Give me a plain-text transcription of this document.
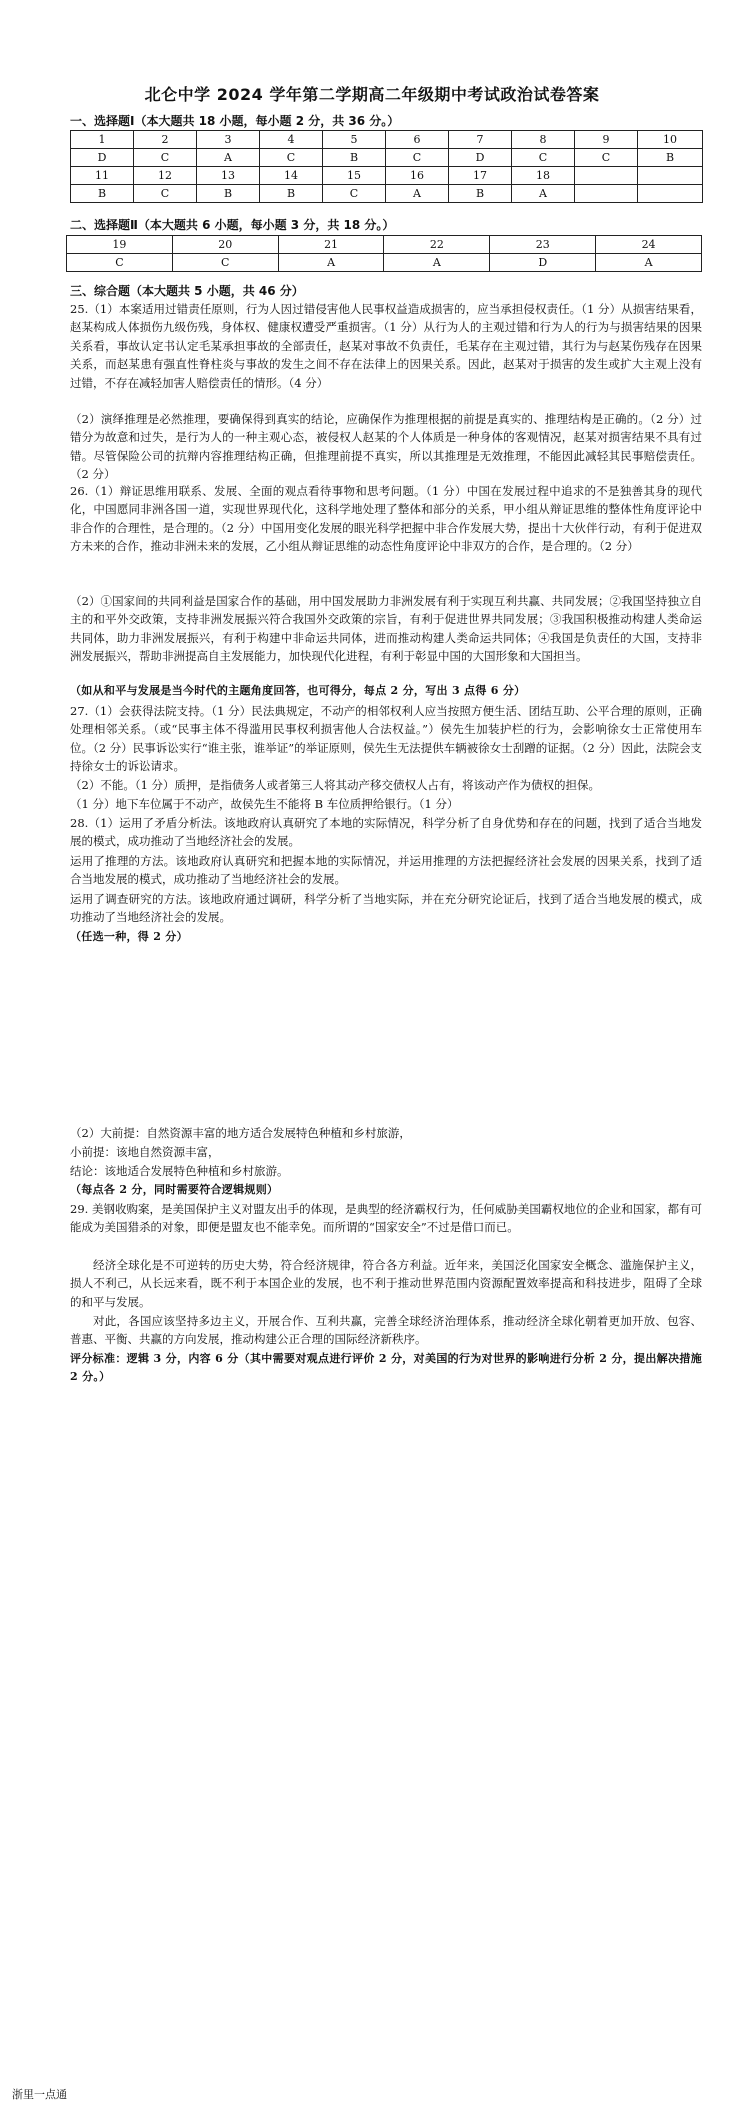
北仑中学 2024 学年第二学期高二年级期中考试政治试卷答案
一、选择题Ⅰ（本大题共 18 小题，每小题 2 分，共 36 分。）
1	2	3	4	5	6	7	8	9	10
D	C	A	C	B	C	D	C	C	B
11	12	13	14	15	16	17	18		
B	C	B	B	C	A	B	A		
二、选择题Ⅱ（本大题共 6 小题，每小题 3 分，共 18 分。）
19	20	21	22	23	24
C	C	A	A	D	A
三、综合题（本大题共 5 小题，共 46 分）

25.（1）本案适用过错责任原则，行为人因过错侵害他人民事权益造成损害的，应当承担侵权责任。（1 分）从损害结果看，赵某构成人体损伤九级伤残，身体权、健康权遭受严重损害。（1 分）从行为人的主观过错和行为人的行为与损害结果的因果关系看，事故认定书认定毛某承担事故的全部责任，赵某对事故不负责任，毛某存在主观过错，其行为与赵某伤残存在因果关系，而赵某患有强直性脊柱炎与事故的发生之间不存在法律上的因果关系。因此，赵某对于损害的发生或扩大主观上没有过错，不存在减轻加害人赔偿责任的情形。（4 分）

（2）演绎推理是必然推理，要确保得到真实的结论，应确保作为推理根据的前提是真实的、推理结构是正确的。（2 分）过错分为故意和过失，是行为人的一种主观心态，被侵权人赵某的个人体质是一种身体的客观情况，赵某对损害结果不具有过错。尽管保险公司的抗辩内容推理结构正确，但推理前提不真实，所以其推理是无效推理，不能因此减轻其民事赔偿责任。（2 分）

26.（1）辩证思维用联系、发展、全面的观点看待事物和思考问题。（1 分）中国在发展过程中追求的不是独善其身的现代化，中国愿同非洲各国一道，实现世界现代化，这科学地处理了整体和部分的关系，甲小组从辩证思维的整体性角度评论中非合作的合理性，是合理的。（2 分）中国用变化发展的眼光科学把握中非合作发展大势，提出十大伙伴行动，有利于促进双方未来的合作，推动非洲未来的发展，乙小组从辩证思维的动态性角度评论中非双方的合作，是合理的。（2 分）

（2）①国家间的共同利益是国家合作的基础，用中国发展助力非洲发展有利于实现互利共赢、共同发展；②我国坚持独立自主的和平外交政策，支持非洲发展振兴符合我国外交政策的宗旨，有利于促进世界共同发展；③我国积极推动构建人类命运共同体，助力非洲发展振兴，有利于构建中非命运共同体，进而推动构建人类命运共同体；④我国是负责任的大国，支持非洲发展振兴，帮助非洲提高自主发展能力，加快现代化进程，有利于彰显中国的大国形象和大国担当。

（如从和平与发展是当今时代的主题角度回答，也可得分，每点 2 分，写出 3 点得 6 分）

27.（1）会获得法院支持。（1 分）民法典规定，不动产的相邻权利人应当按照方便生活、团结互助、公平合理的原则，正确处理相邻关系。（或“民事主体不得滥用民事权利损害他人合法权益。”）侯先生加装护栏的行为，会影响徐女士正常使用车位。（2 分）民事诉讼实行“谁主张，谁举证”的举证原则，侯先生无法提供车辆被徐女士刮蹭的证据。（2 分）因此，法院会支持徐女士的诉讼请求。

（2）不能。（1 分）质押，是指债务人或者第三人将其动产移交债权人占有，将该动产作为债权的担保。

（1 分）地下车位属于不动产，故侯先生不能将 B 车位质押给银行。（1 分）

28.（1）运用了矛盾分析法。该地政府认真研究了本地的实际情况，科学分析了自身优势和存在的问题，找到了适合当地发展的模式，成功推动了当地经济社会的发展。

运用了推理的方法。该地政府认真研究和把握本地的实际情况，并运用推理的方法把握经济社会发展的因果关系，找到了适合当地发展的模式，成功推动了当地经济社会的发展。

运用了调查研究的方法。该地政府通过调研，科学分析了当地实际，并在充分研究论证后，找到了适合当地发展的模式，成功推动了当地经济社会的发展。

（任选一种，得 2 分）

（2）大前提：自然资源丰富的地方适合发展特色种植和乡村旅游，

小前提：该地自然资源丰富，

结论：该地适合发展特色种植和乡村旅游。

（每点各 2 分，同时需要符合逻辑规则）

29. 美钢收购案，是美国保护主义对盟友出手的体现，是典型的经济霸权行为，任何威胁美国霸权地位的企业和国家，都有可能成为美国猎杀的对象，即便是盟友也不能幸免。而所谓的“国家安全”不过是借口而已。

经济全球化是不可逆转的历史大势，符合经济规律，符合各方利益。近年来，美国泛化国家安全概念、滥施保护主义，损人不利己，从长远来看，既不利于本国企业的发展，也不利于推动世界范围内资源配置效率提高和科技进步，阻碍了全球的和平与发展。

对此，各国应该坚持多边主义，开展合作、互利共赢，完善全球经济治理体系，推动经济全球化朝着更加开放、包容、普惠、平衡、共赢的方向发展，推动构建公正合理的国际经济新秩序。

评分标准：逻辑 3 分，内容 6 分（其中需要对观点进行评价 2 分，对美国的行为对世界的影响进行分析 2 分，提出解决措施 2 分。）

浙里一点通
